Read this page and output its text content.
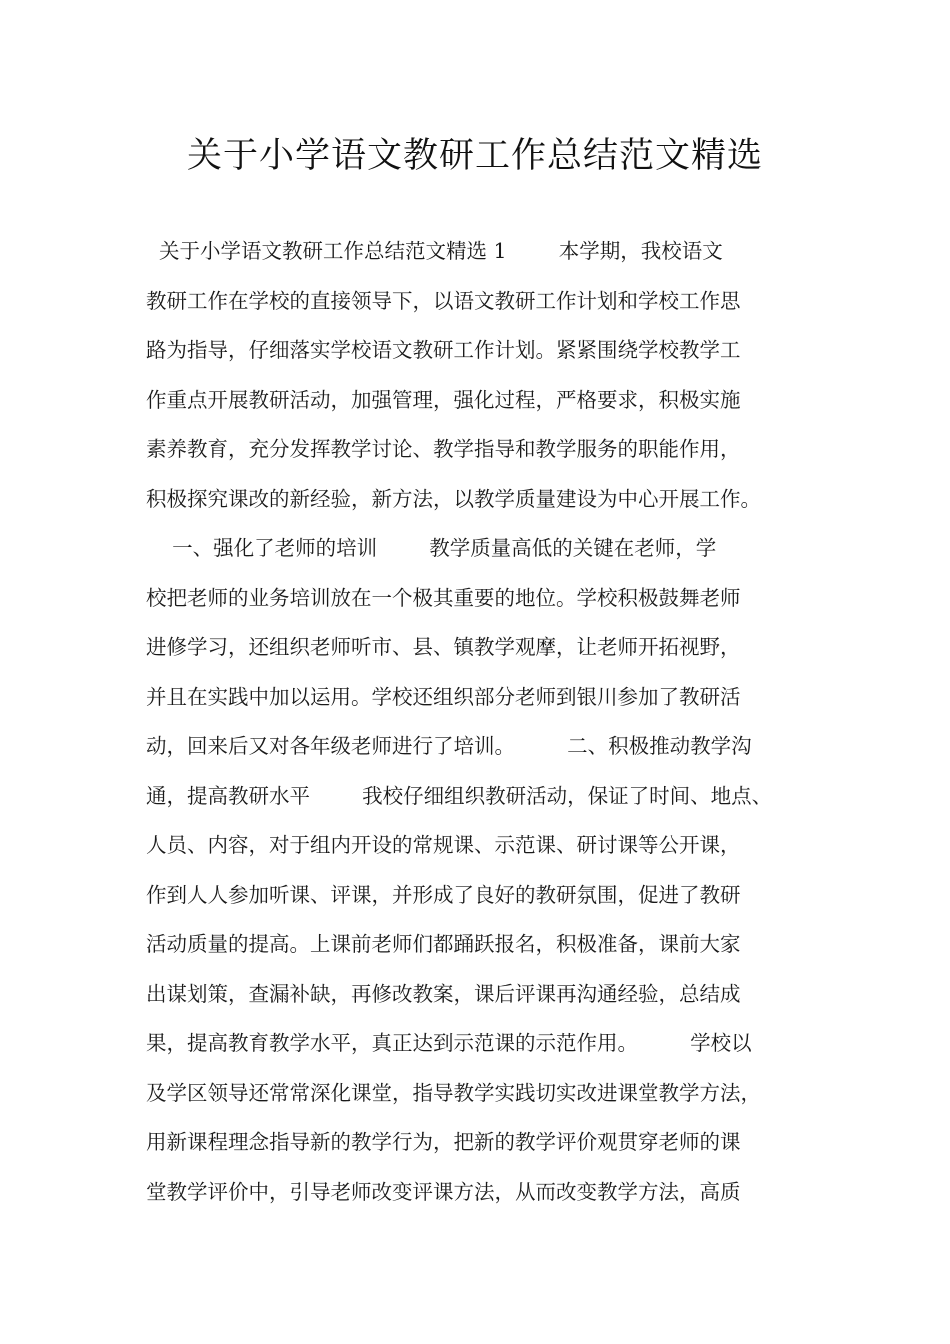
关于小学语文教研工作总结范文精选
关于小学语文教研工作总结范文精选 1        本学期，我校语文
教研工作在学校的直接领导下，以语文教研工作计划和学校工作思
路为指导，仔细落实学校语文教研工作计划。紧紧围绕学校教学工
作重点开展教研活动，加强管理，强化过程，严格要求，积极实施
素养教育，充分发挥教学讨论、教学指导和教学服务的职能作用，
积极探究课改的新经验，新方法，以教学质量建设为中心开展工作。
一、强化了老师的培训        教学质量高低的关键在老师，学
校把老师的业务培训放在一个极其重要的地位。学校积极鼓舞老师
进修学习，还组织老师听市、县、镇教学观摩，让老师开拓视野，
并且在实践中加以运用。学校还组织部分老师到银川参加了教研活
动，回来后又对各年级老师进行了培训。        二、积极推动教学沟
通，提高教研水平        我校仔细组织教研活动，保证了时间、地点、
人员、内容，对于组内开设的常规课、示范课、研讨课等公开课，
作到人人参加听课、评课，并形成了良好的教研氛围，促进了教研
活动质量的提高。上课前老师们都踊跃报名，积极准备，课前大家
出谋划策，查漏补缺，再修改教案，课后评课再沟通经验，总结成
果，提高教育教学水平，真正达到示范课的示范作用。        学校以
及学区领导还常常深化课堂，指导教学实践切实改进课堂教学方法，
用新课程理念指导新的教学行为，把新的教学评价观贯穿老师的课
堂教学评价中，引导老师改变评课方法，从而改变教学方法，高质
